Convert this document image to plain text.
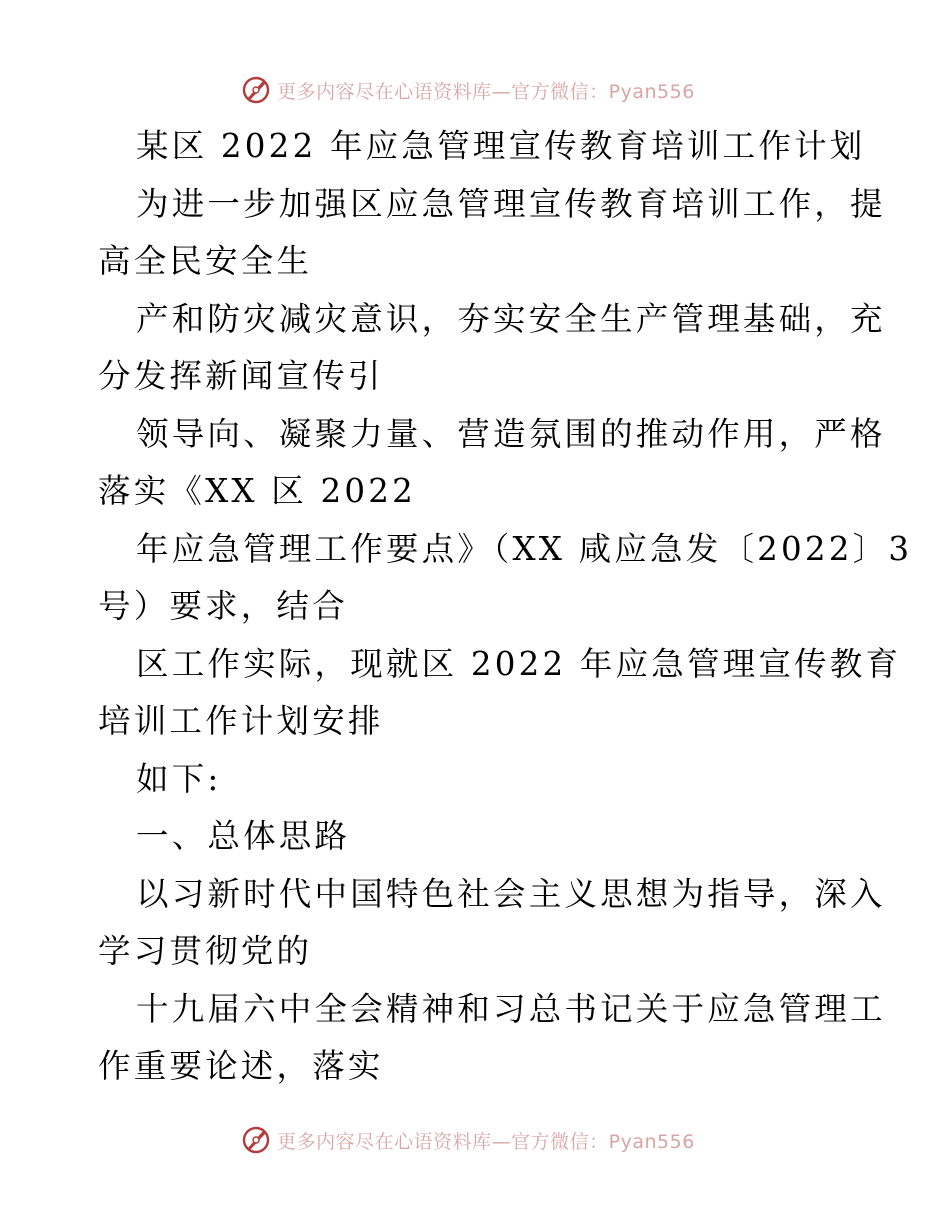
更多内容尽在心语资料库—官方微信：Pyan556
某区 2022 年应急管理宣传教育培训工作计划
为进一步加强区应急管理宣传教育培训工作，提
高全民安全生
产和防灾减灾意识，夯实安全生产管理基础，充
分发挥新闻宣传引
领导向、凝聚力量、营造氛围的推动作用，严格
落实《XX 区 2022
年应急管理工作要点》（XX 咸应急发〔2022〕3
号）要求，结合
区工作实际，现就区 2022 年应急管理宣传教育
培训工作计划安排
如下:
一、总体思路
以习新时代中国特色社会主义思想为指导，深入
学习贯彻党的
十九届六中全会精神和习总书记关于应急管理工
作重要论述，落实
更多内容尽在心语资料库—官方微信：Pyan556
